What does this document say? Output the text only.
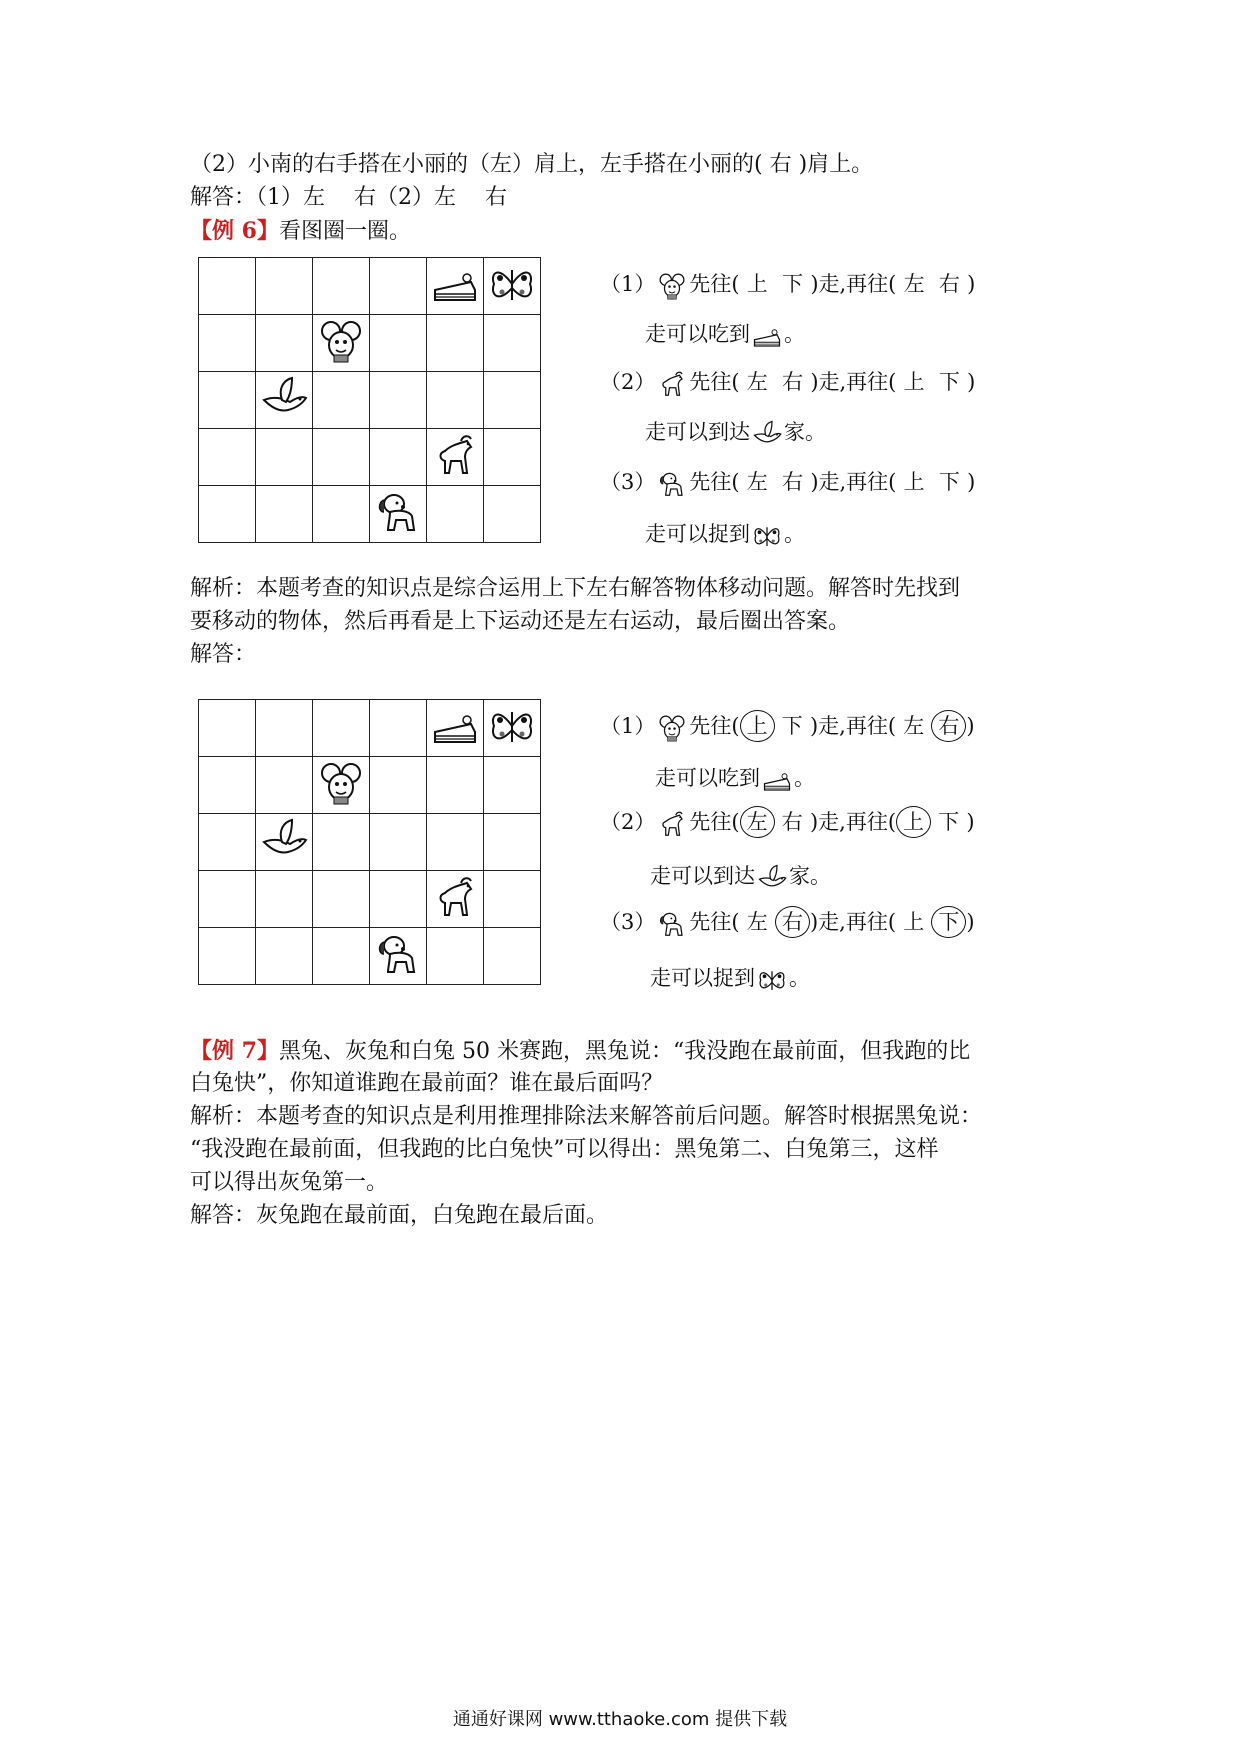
（2）小南的右手搭在小丽的（左）肩上，左手搭在小丽的( 右 )肩上。
解答：（1）左　 右（2）左　 右
【例 6】看图圈一圈。

（1） 先往( 上 下 )走,再往( 左 右 )
走可以吃到 。
（2） 先往( 左 右 )走,再往( 上 下 )
走可以到达 家。
（3） 先往( 左 右 )走,再往( 上 下 )
走可以捉到 。
解析：本题考查的知识点是综合运用上下左右解答物体移动问题。解答时先找到
要移动的物体，然后再看是上下运动还是左右运动，最后圈出答案。
解答：

（1） 先往( 上 下 )走,再往( 左 右 )
走可以吃到 。
（2） 先往( 左 右 )走,再往( 上 下 )
走可以到达 家。
（3） 先往( 左 右 )走,再往( 上 下 )
走可以捉到 。
【例 7】黑兔、灰兔和白兔 50 米赛跑，黑兔说：“我没跑在最前面，但我跑的比
白兔快”，你知道谁跑在最前面？谁在最后面吗？
解析：本题考查的知识点是利用推理排除法来解答前后问题。解答时根据黑兔说：
“我没跑在最前面，但我跑的比白兔快”可以得出：黑兔第二、白兔第三，这样
可以得出灰兔第一。
解答：灰兔跑在最前面，白兔跑在最后面。
通通好课网 www.tthaoke.com 提供下载
